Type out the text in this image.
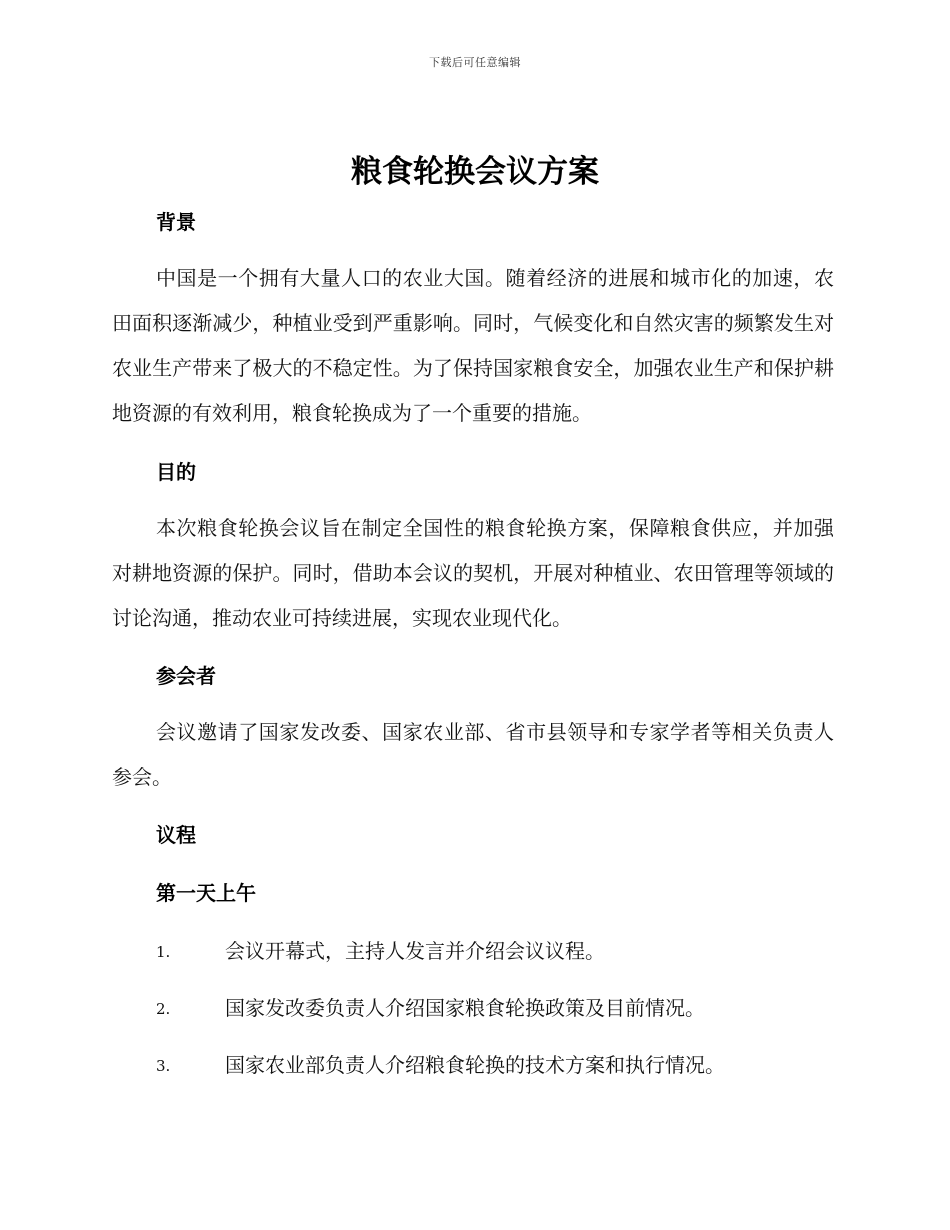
下载后可任意编辑
粮食轮换会议方案
背景

中国是一个拥有大量人口的农业大国。随着经济的进展和城市化的加速，农田面积逐渐减少，种植业受到严重影响。同时，气候变化和自然灾害的频繁发生对农业生产带来了极大的不稳定性。为了保持国家粮食安全，加强农业生产和保护耕地资源的有效利用，粮食轮换成为了一个重要的措施。

目的

本次粮食轮换会议旨在制定全国性的粮食轮换方案，保障粮食供应，并加强对耕地资源的保护。同时，借助本会议的契机，开展对种植业、农田管理等领域的讨论沟通，推动农业可持续进展，实现农业现代化。

参会者

会议邀请了国家发改委、国家农业部、省市县领导和专家学者等相关负责人参会。

议程
第一天上午
1.	会议开幕式，主持人发言并介绍会议议程。
2.	国家发改委负责人介绍国家粮食轮换政策及目前情况。
3.	国家农业部负责人介绍粮食轮换的技术方案和执行情况。
